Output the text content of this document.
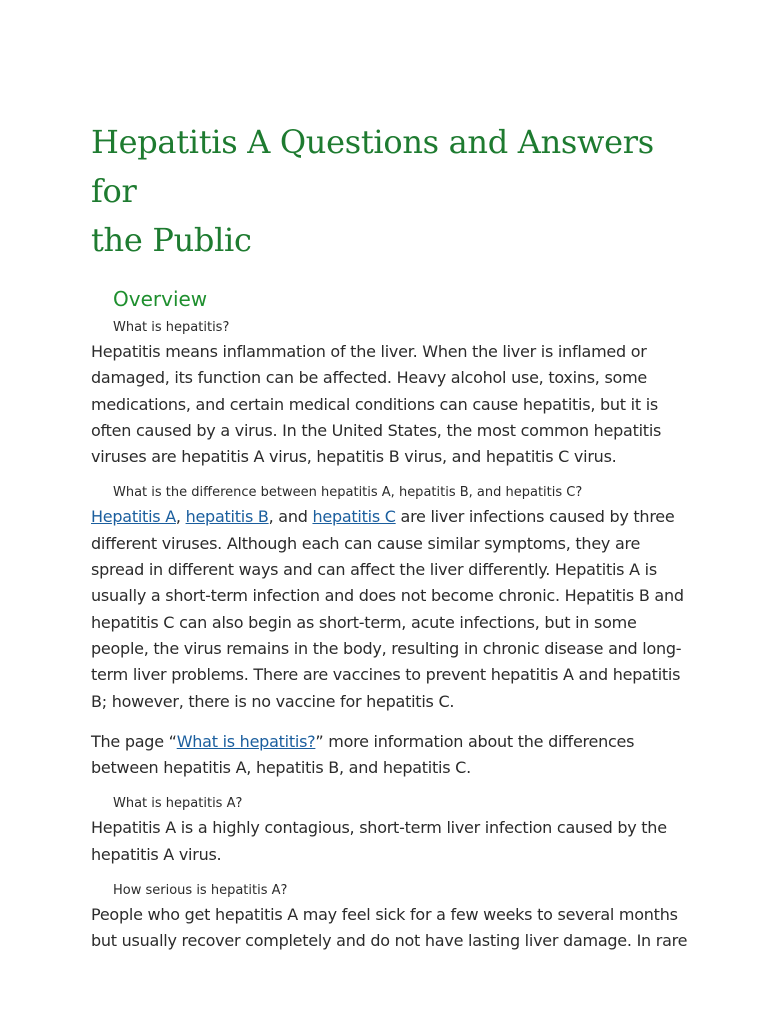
Hepatitis A Questions and Answers for
the Public
Overview
What is hepatitis?

Hepatitis means inflammation of the liver. When the liver is inflamed or damaged, its function can be affected. Heavy alcohol use, toxins, some medications, and certain medical conditions can cause hepatitis, but it is often caused by a virus. In the United States, the most common hepatitis viruses are hepatitis A virus, hepatitis B virus, and hepatitis C virus.

What is the difference between hepatitis A, hepatitis B, and hepatitis C?

Hepatitis A, hepatitis B, and hepatitis C are liver infections caused by three different viruses. Although each can cause similar symptoms, they are spread in different ways and can affect the liver differently. Hepatitis A is usually a short-term infection and does not become chronic. Hepatitis B and hepatitis C can also begin as short-term, acute infections, but in some people, the virus remains in the body, resulting in chronic disease and long-term liver problems. There are vaccines to prevent hepatitis A and hepatitis B; however, there is no vaccine for hepatitis C.

The page “What is hepatitis?” more information about the differences between hepatitis A, hepatitis B, and hepatitis C.

What is hepatitis A?

Hepatitis A is a highly contagious, short-term liver infection caused by the hepatitis A virus.

How serious is hepatitis A?

People who get hepatitis A may feel sick for a few weeks to several months but usually recover completely and do not have lasting liver damage. In rare
